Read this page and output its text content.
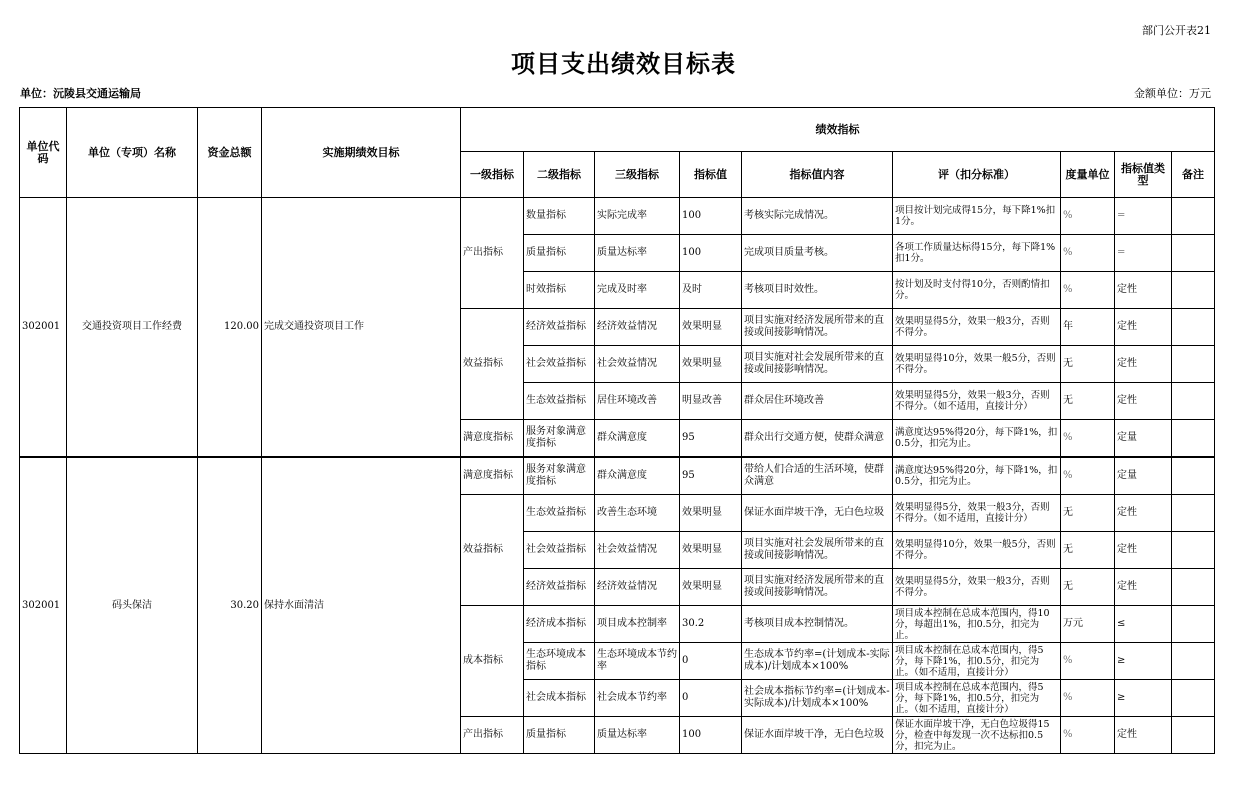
部门公开表21
项目支出绩效目标表
单位：沅陵县交通运输局	金额单位：万元
单位代码	单位（专项）名称	资金总额	实施期绩效目标	绩效指标								
				一级指标	二级指标	三级指标	指标值	指标值内容	评（扣分标准）	度量单位	指标值类型	备注
302001	交通投资项目工作经费	120.00	完成交通投资项目工作	产出指标	数量指标	实际完成率	100	考核实际完成情况。	项目按计划完成得15分，每下降1%扣1分。	%	=	
					质量指标	质量达标率	100	完成项目质量考核。	各项工作质量达标得15分，每下降1%扣1分。	%	=	
					时效指标	完成及时率	及时	考核项目时效性。	按计划及时支付得10分，否则酌情扣分。	%	定性	
				效益指标	经济效益指标	经济效益情况	效果明显	项目实施对经济发展所带来的直接或间接影响情况。	效果明显得5分，效果一般3分，否则不得分。	年	定性	
					社会效益指标	社会效益情况	效果明显	项目实施对社会发展所带来的直接或间接影响情况。	效果明显得10分，效果一般5分，否则不得分。	无	定性	
					生态效益指标	居住环境改善	明显改善	群众居住环境改善	效果明显得5分，效果一般3分，否则不得分。（如不适用，直接计分）	无	定性	
				满意度指标	服务对象满意度指标	群众满意度	95	群众出行交通方便，使群众满意	满意度达95%得20分，每下降1%，扣0.5分，扣完为止。	%	定量	
302001	码头保洁	30.20	保持水面清洁	满意度指标	服务对象满意度指标	群众满意度	95	带给人们合适的生活环境，使群众满意	满意度达95%得20分，每下降1%，扣0.5分，扣完为止。	%	定量	
				效益指标	生态效益指标	改善生态环境	效果明显	保证水面岸坡干净，无白色垃圾	效果明显得5分，效果一般3分，否则不得分。（如不适用，直接计分）	无	定性	
					社会效益指标	社会效益情况	效果明显	项目实施对社会发展所带来的直接或间接影响情况。	效果明显得10分，效果一般5分，否则不得分。	无	定性	
					经济效益指标	经济效益情况	效果明显	项目实施对经济发展所带来的直接或间接影响情况。	效果明显得5分，效果一般3分，否则不得分。	无	定性	
				成本指标	经济成本指标	项目成本控制率	30.2	考核项目成本控制情况。	项目成本控制在总成本范围内，得10分，每超出1%，扣0.5分，扣完为止。	万元	≤	
					生态环境成本指标	生态环境成本节约率	0	生态成本节约率=(计划成本-实际成本)/计划成本×100%	项目成本控制在总成本范围内，得5分，每下降1%，扣0.5分，扣完为止。（如不适用，直接计分）	%	≥	
					社会成本指标	社会成本节约率	0	社会成本指标节约率=(计划成本-实际成本)/计划成本×100%	项目成本控制在总成本范围内，得5分，每下降1%，扣0.5分，扣完为止。（如不适用，直接计分）	%	≥	
				产出指标	质量指标	质量达标率	100	保证水面岸坡干净，无白色垃圾	保证水面岸坡干净，无白色垃圾得15分，检查中每发现一次不达标扣0.5分，扣完为止。	%	定性	
